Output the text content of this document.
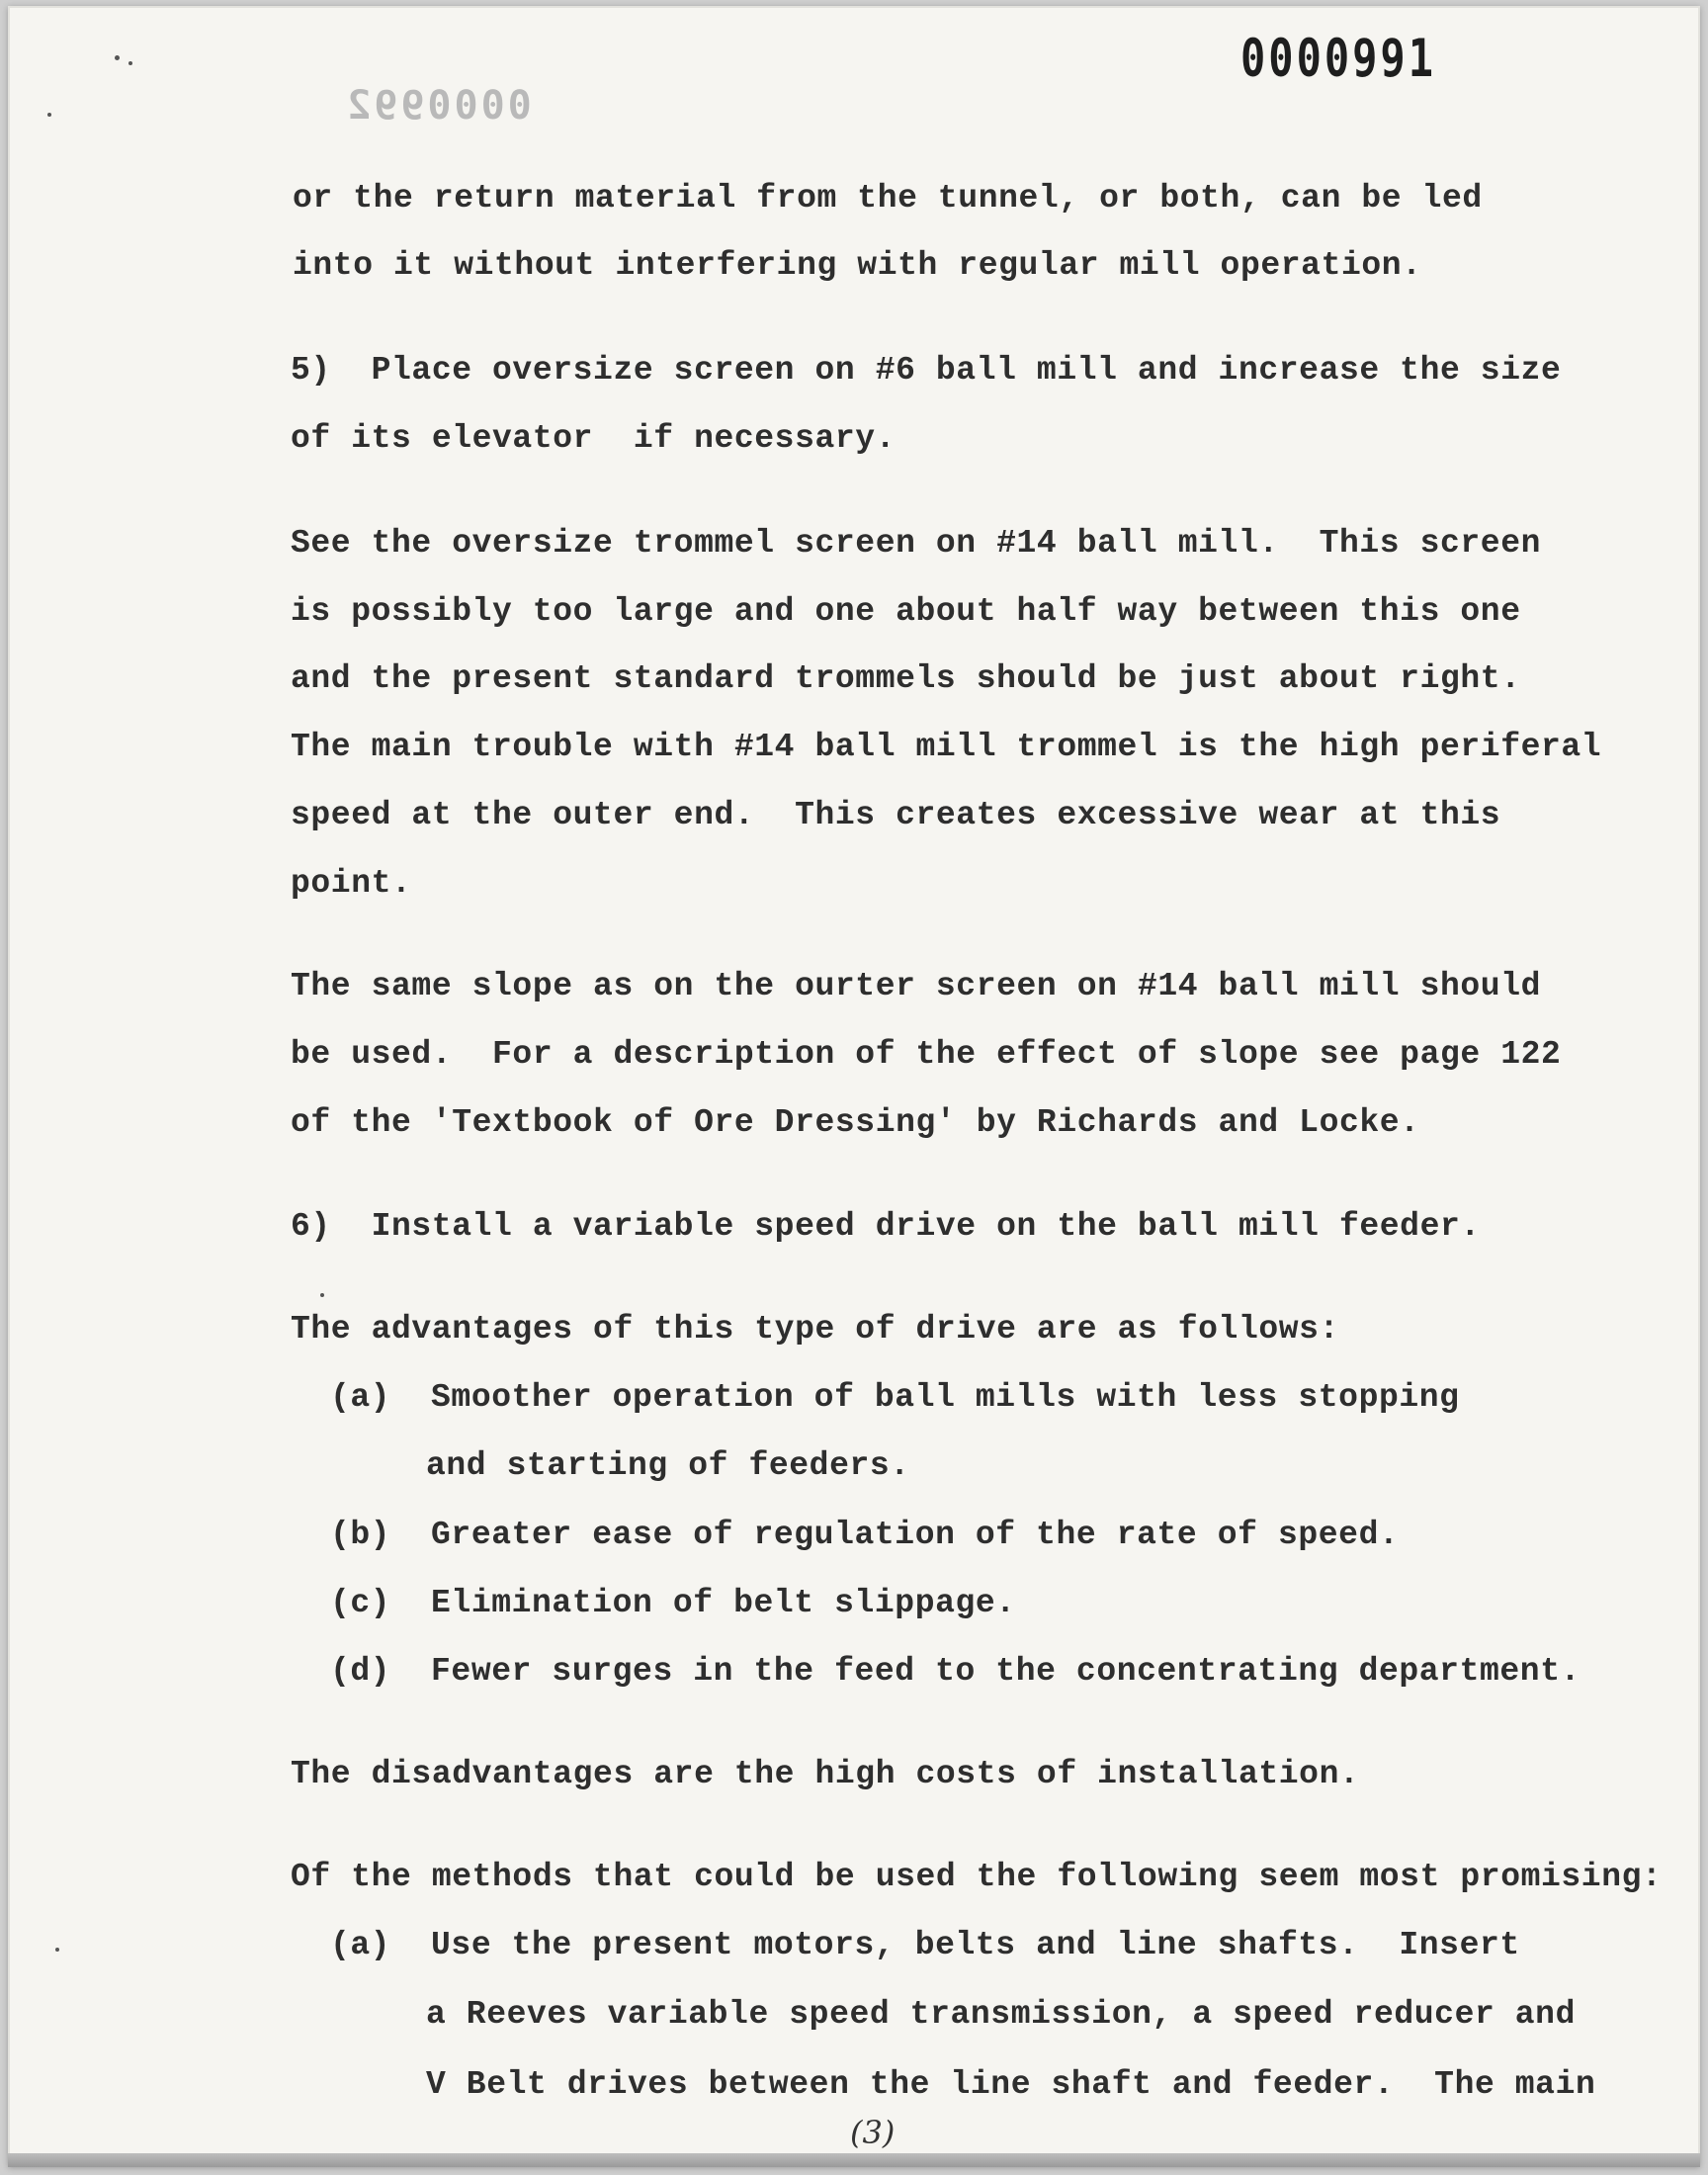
0000991
0000992
or the return material from the tunnel, or both, can be led
into it without interfering with regular mill operation.
5)  Place oversize screen on #6 ball mill and increase the size
of its elevator  if necessary.
See the oversize trommel screen on #14 ball mill.  This screen
is possibly too large and one about half way between this one
and the present standard trommels should be just about right.
The main trouble with #14 ball mill trommel is the high periferal
speed at the outer end.  This creates excessive wear at this
point.
The same slope as on the ourter screen on #14 ball mill should
be used.  For a description of the effect of slope see page 122
of the 'Textbook of Ore Dressing' by Richards and Locke.
6)  Install a variable speed drive on the ball mill feeder.
The advantages of this type of drive are as follows:
(a)  Smoother operation of ball mills with less stopping
and starting of feeders.
(b)  Greater ease of regulation of the rate of speed.
(c)  Elimination of belt slippage.
(d)  Fewer surges in the feed to the concentrating department.
The disadvantages are the high costs of installation.
Of the methods that could be used the following seem most promising:
(a)  Use the present motors, belts and line shafts.  Insert
a Reeves variable speed transmission, a speed reducer and
V Belt drives between the line shaft and feeder.  The main
(3)
